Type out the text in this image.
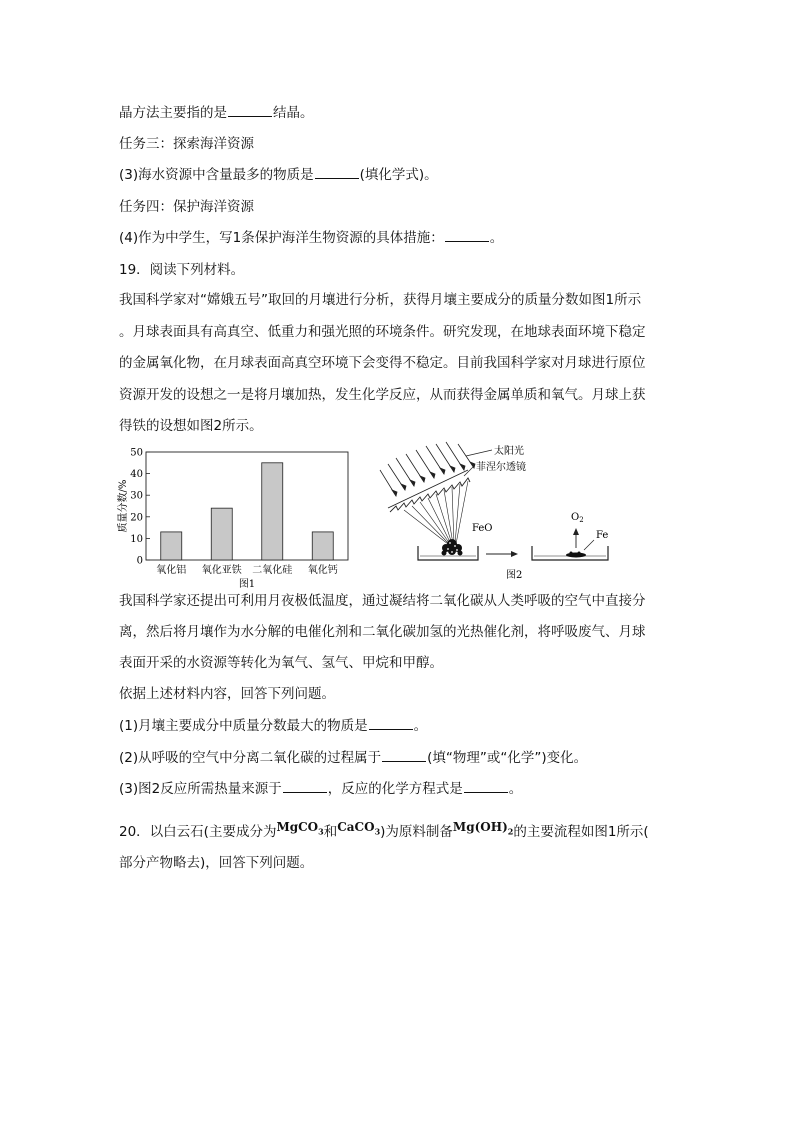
晶方法主要指的是	结晶。
任务三：探索海洋资源
(3)海水资源中含量最多的物质是	(填化学式)。
任务四：保护海洋资源
(4)作为中学生，写1条保护海洋生物资源的具体措施：	。
19．阅读下列材料。
我国科学家对“嫦娥五号”取回的月壤进行分析，获得月壤主要成分的质量分数如图1所示
。月球表面具有高真空、低重力和强光照的环境条件。研究发现，在地球表面环境下稳定
的金属氧化物，在月球表面高真空环境下会变得不稳定。目前我国科学家对月球进行原位
资源开发的设想之一是将月壤加热，发生化学反应，从而获得金属单质和氧气。月球上获
得铁的设想如图2所示。
0
10
20
30
40
50
质量分数/%
氧化铝 氧化亚铁 二氧化硅 氧化钙
图1
太阳光
菲涅尔透镜
FeO
$O_2$
Fe
图2
我国科学家还提出可利用月夜极低温度，通过凝结将二氧化碳从人类呼吸的空气中直接分
离，然后将月壤作为水分解的电催化剂和二氧化碳加氢的光热催化剂，将呼吸废气、月球
表面开采的水资源等转化为氧气、氢气、甲烷和甲醇。
依据上述材料内容，回答下列问题。
(1)月壤主要成分中质量分数最大的物质是	。
(2)从呼吸的空气中分离二氧化碳的过程属于	(填“物理”或“化学”)变化。
(3)图2反应所需热量来源于	，反应的化学方程式是	。
20．以白云石(主要成分为MgCO$_3$和CaCO$_3$)为原料制备$Mg(OH)_2$的主要流程如图1所示(
部分产物略去)，回答下列问题。
